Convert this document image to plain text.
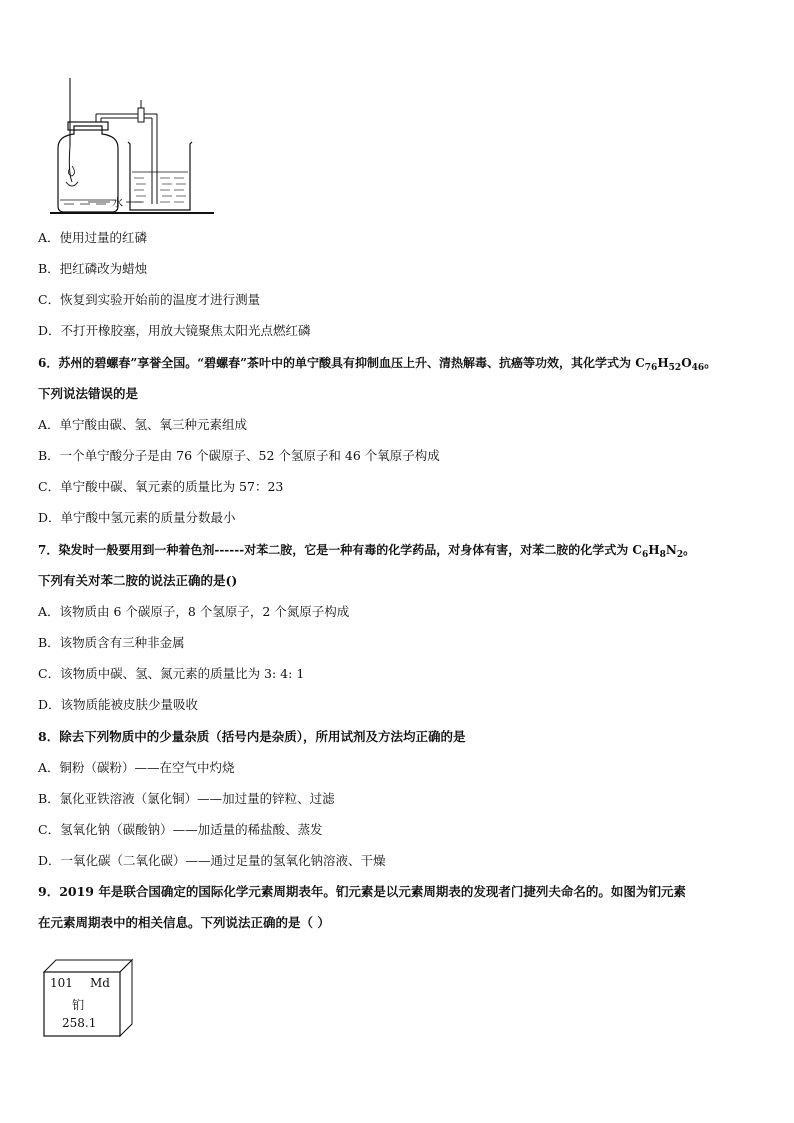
水
A．使用过量的红磷
B．把红磷改为蜡烛
C．恢复到实验开始前的温度才进行测量
D．不打开橡胶塞，用放大镜聚焦太阳光点燃红磷
6．苏州的碧螺春”享誉全国。“碧螺春”茶叶中的单宁酸具有抑制血压上升、清热解毒、抗癌等功效，其化学式为 $C_{76}H_{52}O_{46}$。
下列说法错误的是
A．单宁酸由碳、氢、氧三种元素组成
B．一个单宁酸分子是由 76 个碳原子、52 个氢原子和 46 个氧原子构成
C．单宁酸中碳、氧元素的质量比为 57：23
D．单宁酸中氢元素的质量分数最小
7．染发时一般要用到一种着色剂------对苯二胺，它是一种有毒的化学药品，对身体有害，对苯二胺的化学式为 $C_6H_8N_2$。
下列有关对苯二胺的说法正确的是()
A．该物质由 6 个碳原子，8 个氢原子，2 个氮原子构成
B．该物质含有三种非金属
C．该物质中碳、氢、氮元素的质量比为 3: 4: 1
D．该物质能被皮肤少量吸收
8．除去下列物质中的少量杂质（括号内是杂质），所用试剂及方法均正确的是
A．铜粉（碳粉）——在空气中灼烧
B．氯化亚铁溶液（氯化铜）——加过量的锌粒、过滤
C．氢氧化钠（碳酸钠）——加适量的稀盐酸、蒸发
D．一氧化碳（二氧化碳）——通过足量的氢氧化钠溶液、干燥
9．2019 年是联合国确定的国际化学元素周期表年。钔元素是以元素周期表的发现者门捷列夫命名的。如图为钔元素
在元素周期表中的相关信息。下列说法正确的是（ ）
101 Md
钔
258.1
